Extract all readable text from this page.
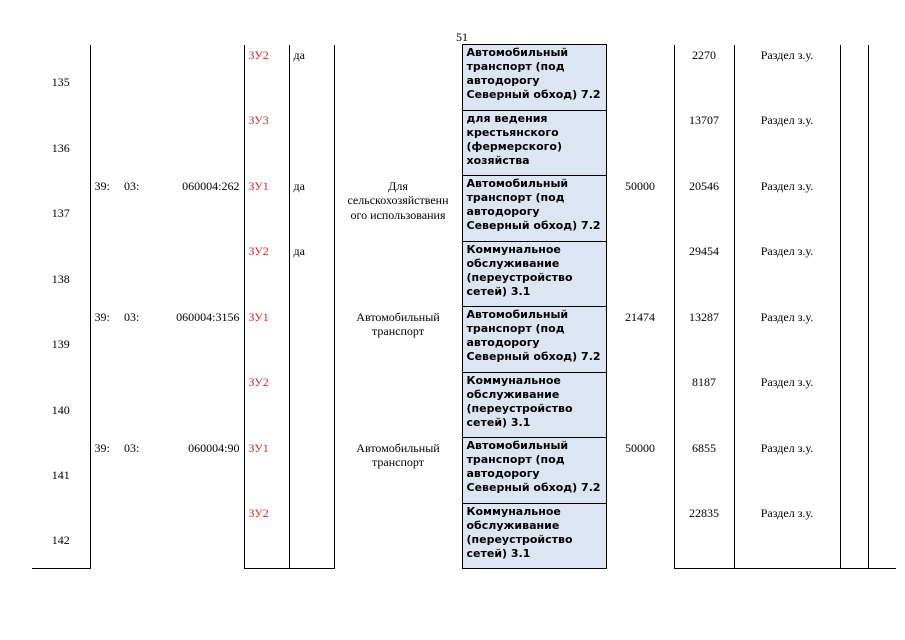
51
135				ЗУ2	да		Автомобильный транспорт (под автодорогу Северный обход) 7.2		2270	Раздел з.у.		
136				ЗУ3			для ведения крестьянского (фермерского) хозяйства		13707	Раздел з.у.		
137	39:	03:	060004:262	ЗУ1	да	Для сельскохозяйственн ого использования	Автомобильный транспорт (под автодорогу Северный обход) 7.2	50000	20546	Раздел з.у.		
138				ЗУ2	да		Коммунальное обслуживание (переустройство сетей) 3.1		29454	Раздел з.у.		
139	39:	03:	060004:3156	ЗУ1		Автомобильный транспорт	Автомобильный транспорт (под автодорогу Северный обход) 7.2	21474	13287	Раздел з.у.		
140				ЗУ2			Коммунальное обслуживание (переустройство сетей) 3.1		8187	Раздел з.у.		
141	39:	03:	060004:90	ЗУ1		Автомобильный транспорт	Автомобильный транспорт (под автодорогу Северный обход) 7.2	50000	6855	Раздел з.у.		
142				ЗУ2			Коммунальное обслуживание (переустройство сетей) 3.1		22835	Раздел з.у.		
